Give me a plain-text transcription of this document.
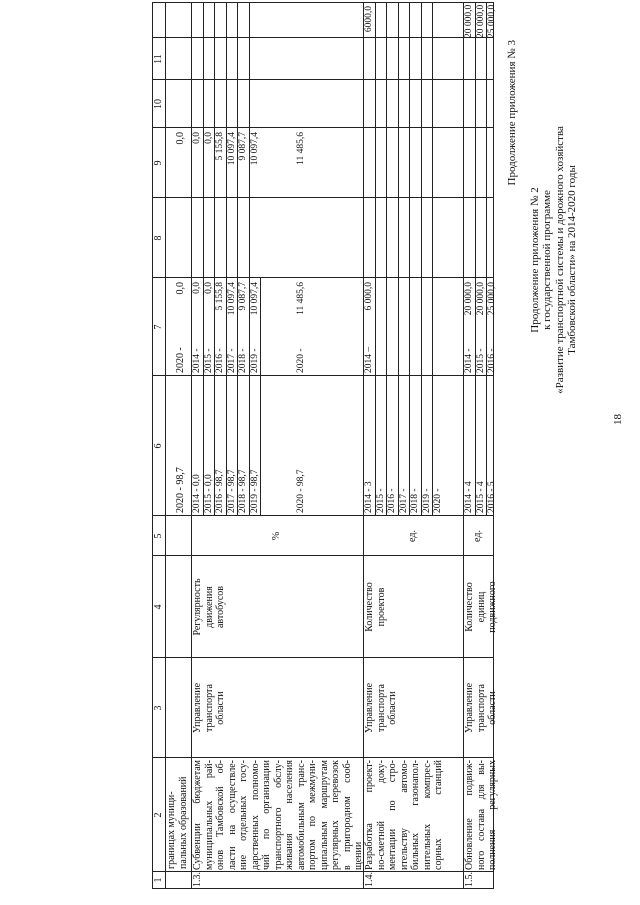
18
Продолжение приложения № 3
Продолжение приложения № 2 к государственной программе «Развитие транспортной системы и дорожного хозяйства Тамбовской области» на 2014-2020 годы
1
2
3
4
5
6
7
8
9
10
11
границах муници- пальных образований
2020 - 98,7
2020 -
0,0
0,0
1.3.
Субвенции бюджетам муниципальных рай- онов Тамбовской об- ласти на осуществле- ние отдельных госу- дарственных полномо- чий по организации транспортного обслу- живания населения автомобильным транс- портом по межмуни- ципальным маршрутам регулярных перевозок в пригородном сооб- щении
Управление транспорта области
Регулярность движения автобусов
%
2014 - 0,0 2015 - 0,0 2016 - 98,7 2017 - 98,7 2018 - 98,7 2019 - 98,7	2020 - 98,7
2014 -
0,0
2015 -
0,0
2016 -
5 155,8
2017 -
10 097,4
2018 -
9 087,7
2019 -
10 097,4
2020 -
11 485,6
0,0 0,0 5 155,8 10 097,4 9 087,7 10 097,4	11 485,6
1.4.
Разработка проект- но-сметной доку- ментации по стро- ительству автомо- бильных газонапол- нительных компрес- сорных станций
Управление транспорта области
Количество проектов
ед.
2014 - 3 2015 - 2016 - 2017 - 2018 - 2019 - 2020 -
2014 –
6 000,0
6000,0
1.5.
Обновление подвиж- ного состава для вы- полнения регулярных
Управление транспорта области
Количество единиц подвижного
ед.
2014 - 4 2015 - 4 2016 - 5
2014 -
20 000,0
2015 -
20 000,0
2016 -
25 000,0
20 000,0 20 000,0 25 000,0
